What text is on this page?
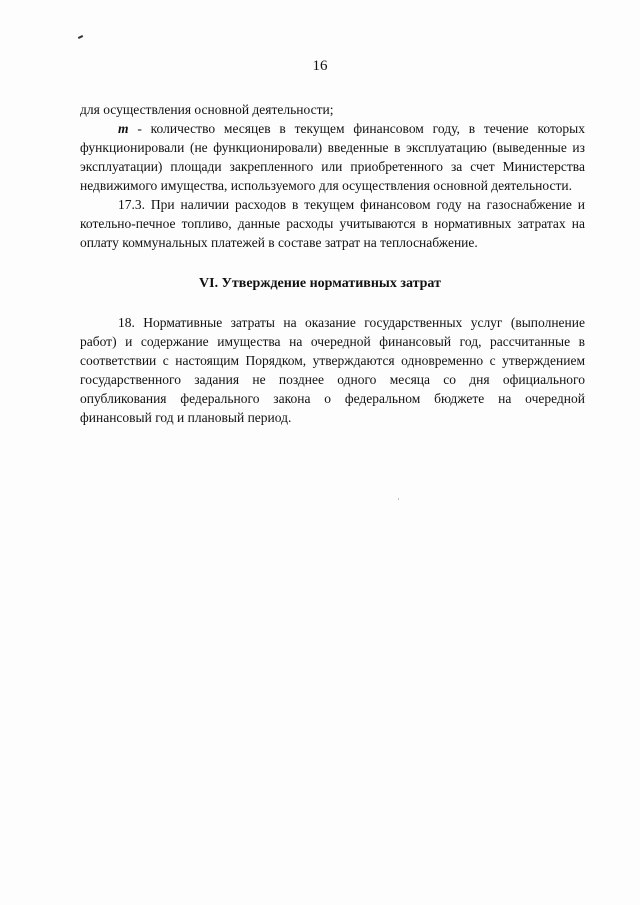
16

для осуществления основной деятельности;

m - количество месяцев в текущем финансовом году, в течение которых функционировали (не функционировали) введенные в эксплуатацию (выведенные из эксплуатации) площади закрепленного или приобретенного за счет Министерства недвижимого имущества, используемого для осуществления основной деятельности.

17.3. При наличии расходов в текущем финансовом году на газоснабжение и котельно-печное топливо, данные расходы учитываются в нормативных затратах на оплату коммунальных платежей в составе затрат на теплоснабжение.

VI. Утверждение нормативных затрат

18. Нормативные затраты на оказание государственных услуг (выполнение работ) и содержание имущества на очередной финансовый год, рассчитанные в соответствии с настоящим Порядком, утверждаются одновременно с утверждением государственного задания не позднее одного месяца со дня официального опубликования федерального закона о федеральном бюджете на очередной финансовый год и плановый период.
